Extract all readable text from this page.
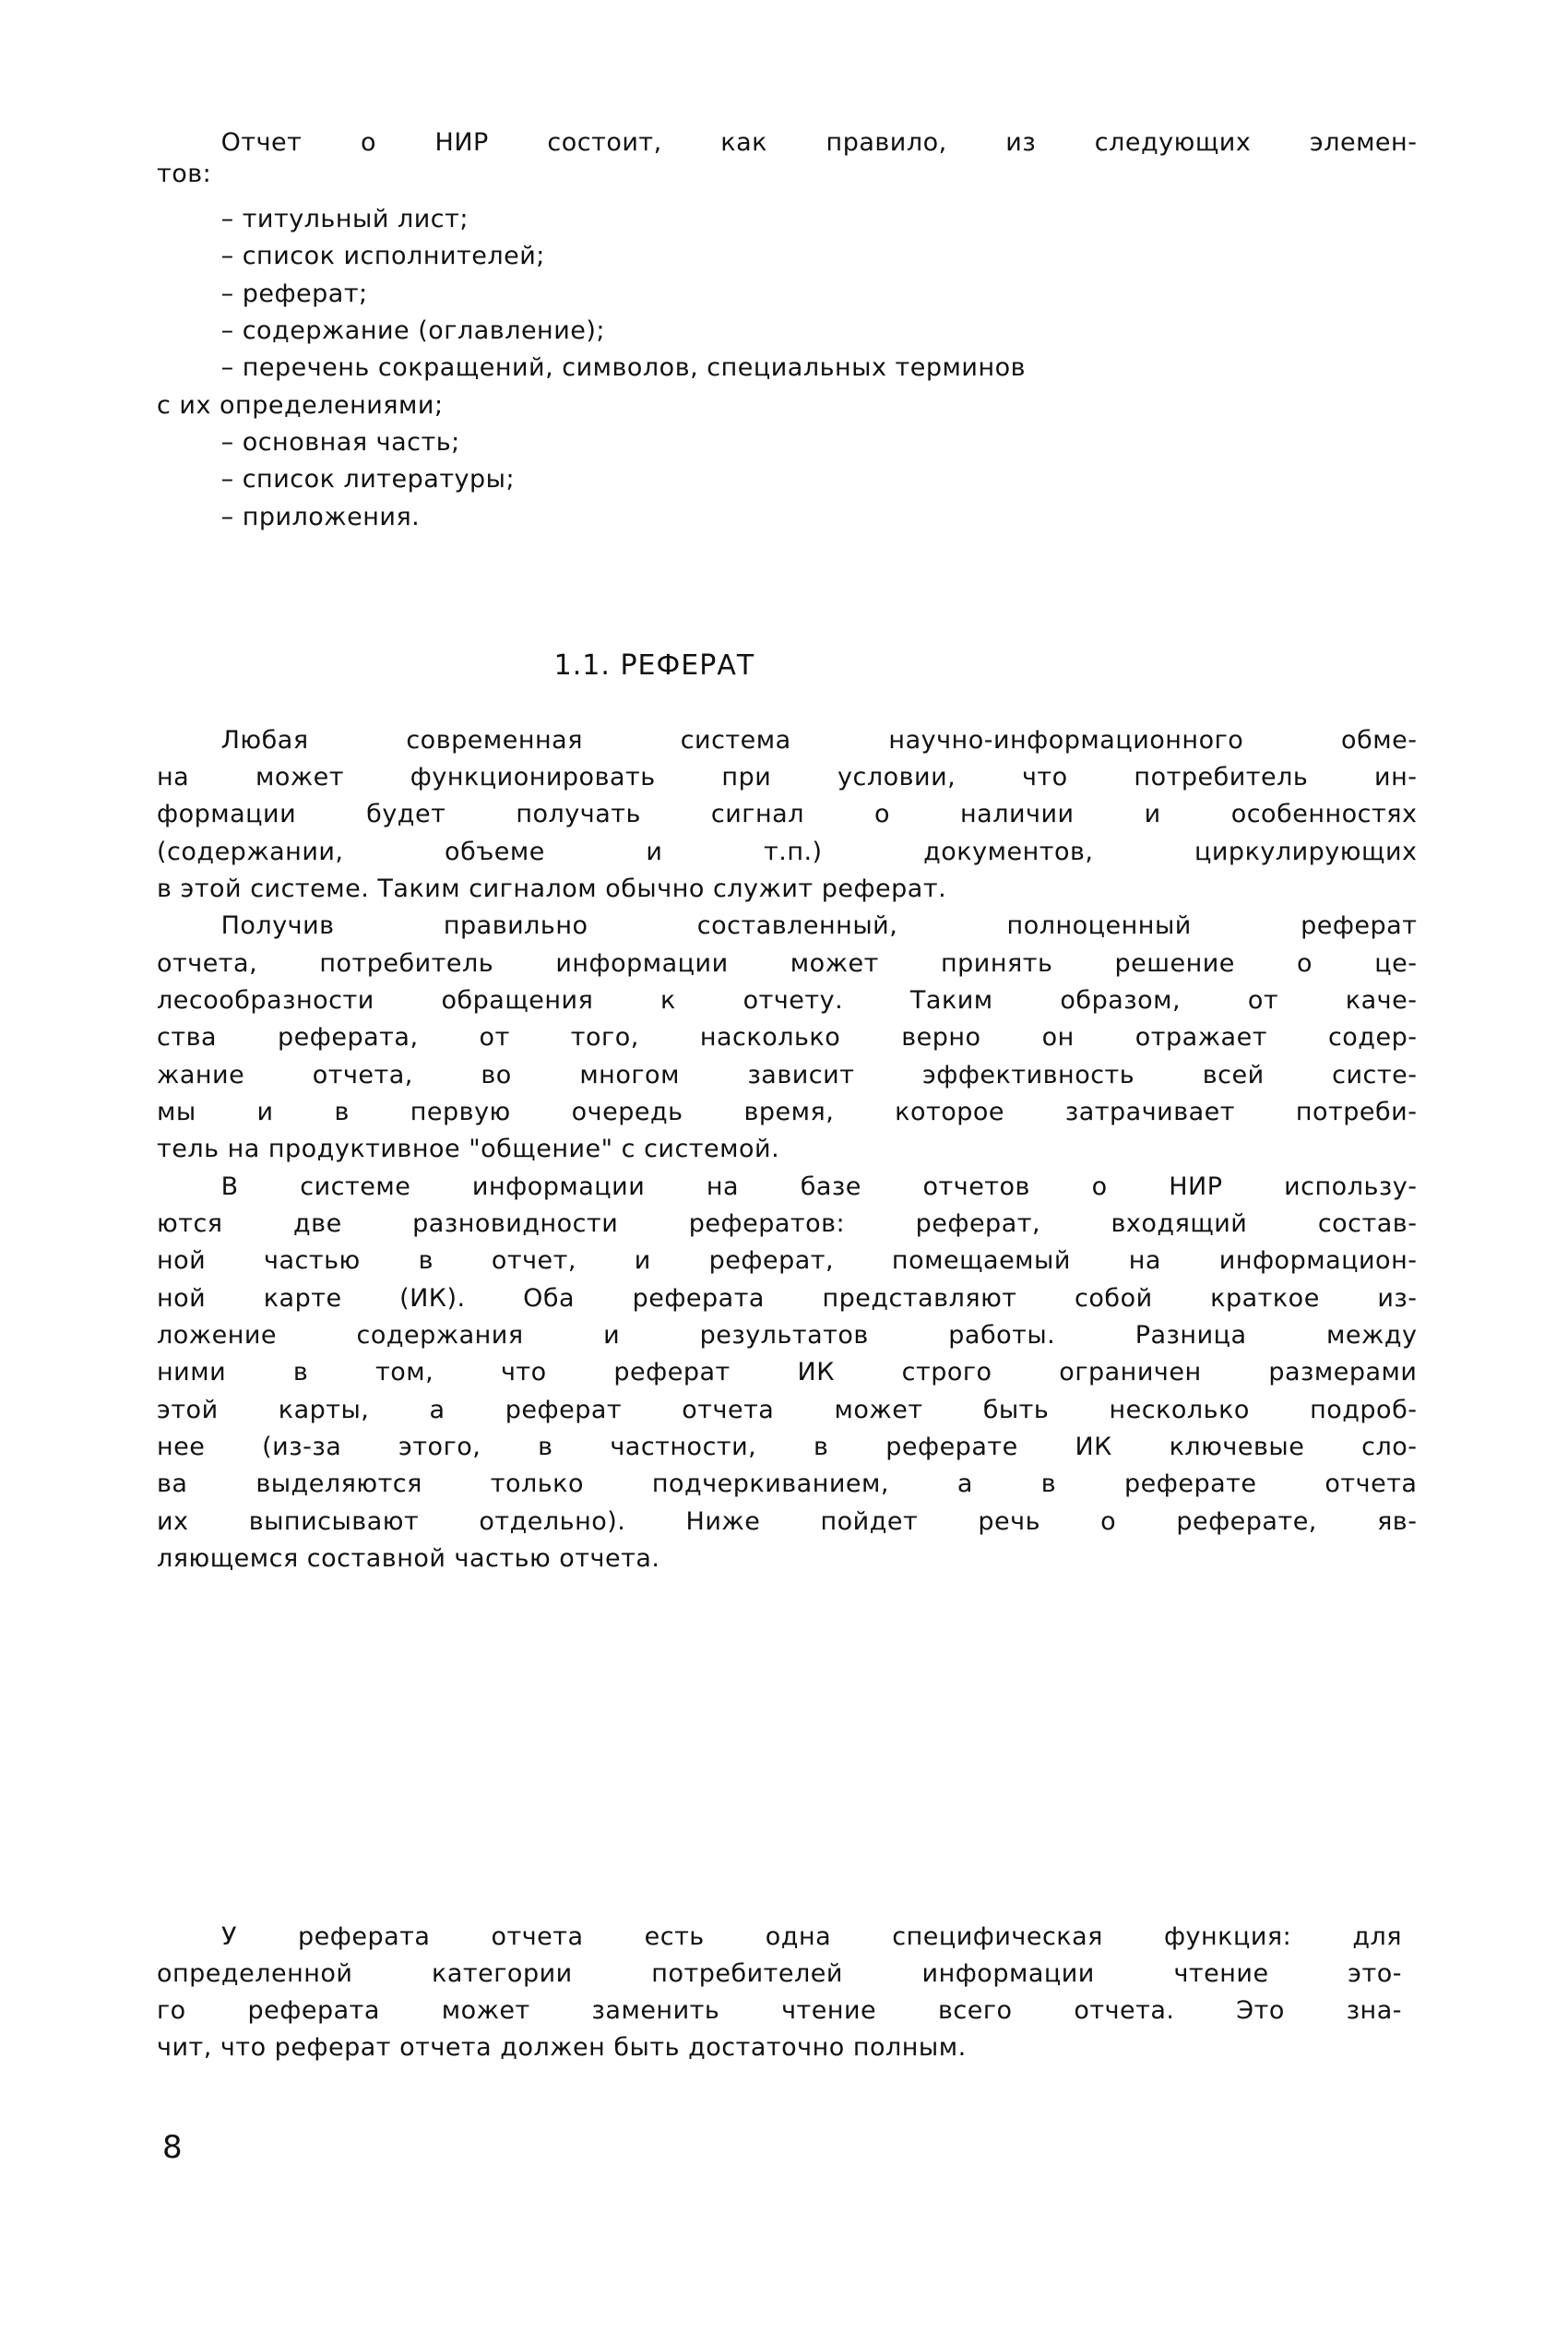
Отчет о НИР состоит, как правило, из следующих элемен-
тов:
– титульный лист;
– список исполнителей;
– реферат;
– содержание (оглавление);
– перечень сокращений, символов, специальных терминов
с их определениями;
– основная часть;
– список литературы;
– приложения.
1.1. РЕФЕРАТ
Любая современная система научно-информационного обме-
на может функционировать при условии, что потребитель ин-
формации будет получать сигнал о наличии и особенностях
(содержании, объеме и т.п.) документов, циркулирующих
в этой системе. Таким сигналом обычно служит реферат.
Получив правильно составленный, полноценный реферат
отчета, потребитель информации может принять решение о це-
лесообразности обращения к отчету. Таким образом, от каче-
ства реферата, от того, насколько верно он отражает содер-
жание отчета, во многом зависит эффективность всей систе-
мы и в первую очередь время, которое затрачивает потреби-
тель на продуктивное "общение" с системой.
В системе информации на базе отчетов о НИР использу-
ются две разновидности рефератов: реферат, входящий состав-
ной частью в отчет, и реферат, помещаемый на информацион-
ной карте (ИК). Оба реферата представляют собой краткое из-
ложение содержания и результатов работы. Разница между
ними в том, что реферат ИК строго ограничен размерами
этой карты, а реферат отчета может быть несколько подроб-
нее (из-за этого, в частности, в реферате ИК ключевые сло-
ва выделяются только подчеркиванием, а в реферате отчета
их выписывают отдельно). Ниже пойдет речь о реферате, яв-
ляющемся составной частью отчета.
У реферата отчета есть одна специфическая функция: для
определенной категории потребителей информации чтение это-
го реферата может заменить чтение всего отчета. Это зна-
чит, что реферат отчета должен быть достаточно полным.
8
